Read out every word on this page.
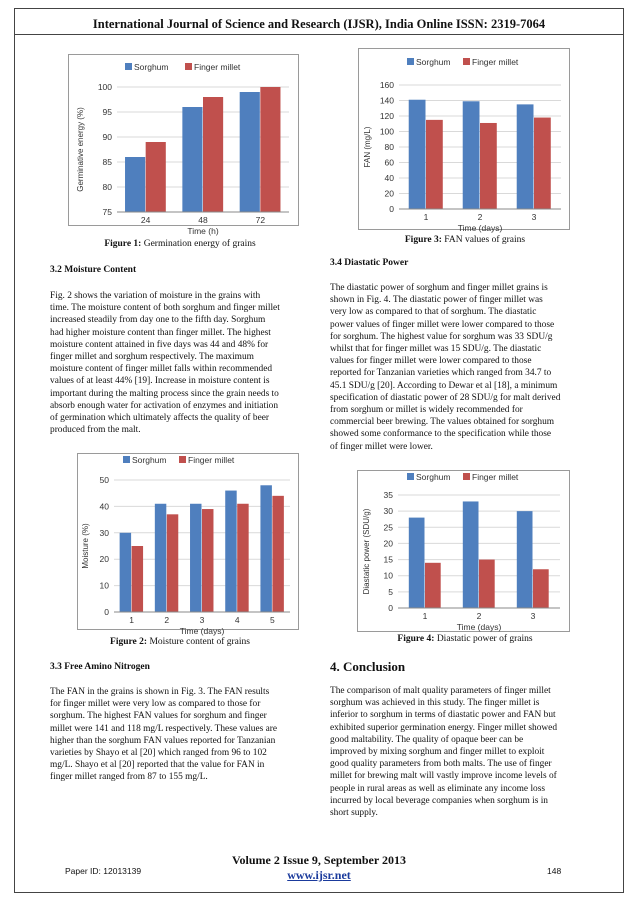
International Journal of Science and Research (IJSR), India Online ISSN: 2319-7064
Sorghum	Finger millet
75
80
85
90
95
100
24	48	72
Time (h)
Germinative energy (%)
Figure 1: Germination energy of grains
3.2 Moisture Content
Fig. 2 shows the variation of moisture in the grains with
time. The moisture content of both sorghum and finger millet
increased steadily from day one to the fifth day. Sorghum
had higher moisture content than finger millet. The highest
moisture content attained in five days was 44 and 48% for
finger millet and sorghum respectively. The maximum
moisture content of finger millet falls within recommended
values of at least 44% [19]. Increase in moisture content is
important during the malting process since the grain needs to
absorb enough water for activation of enzymes and initiation
of germination which ultimately affects the quality of beer
produced from the malt.
Sorghum	Finger millet
0
10
20
30
40
50
1	2	3	4	5
Time (days)
Moisture (%)
Figure 2: Moisture content of grains
3.3 Free Amino Nitrogen
The FAN in the grains is shown in Fig. 3. The FAN results
for finger millet were very low as compared to those for
sorghum. The highest FAN values for sorghum and finger
millet were 141 and 118 mg/L respectively. These values are
higher than the sorghum FAN values reported for Tanzanian
varieties by Shayo et al [20] which ranged from 96 to 102
mg/L. Shayo et al [20] reported that the value for FAN in
finger millet ranged from 87 to 155 mg/L.
Sorghum	Finger millet
0
20
40
60
80
100
120
140
160
1	2	3
Time (days)
FAN (mg/L)
Figure 3: FAN values of grains
3.4 Diastatic Power
The diastatic power of sorghum and finger millet grains is
shown in Fig. 4. The diastatic power of finger millet was
very low as compared to that of sorghum. The diastatic
power values of finger millet were lower compared to those
for sorghum. The highest value for sorghum was 33 SDU/g
whilst that for finger millet was 15 SDU/g. The diastatic
values for finger millet were lower compared to those
reported for Tanzanian varieties which ranged from 34.7 to
45.1 SDU/g [20]. According to Dewar et al [18], a minimum
specification of diastatic power of 28 SDU/g for malt derived
from sorghum or millet is widely recommended for
commercial beer brewing. The values obtained for sorghum
showed some conformance to the specification while those
of finger millet were lower.
Sorghum	Finger millet
0
5
10
15
20
25
30
35
1	2	3
Time (days)
Diastatic power (SDU/g)
Figure 4: Diastatic power of grains
4. Conclusion
The comparison of malt quality parameters of finger millet
sorghum was achieved in this study. The finger millet is
inferior to sorghum in terms of diastatic power and FAN but
exhibited superior germination energy. Finger millet showed
good maltability. The quality of opaque beer can be
improved by mixing sorghum and finger millet to exploit
good quality parameters from both malts. The use of finger
millet for brewing malt will vastly improve income levels of
people in rural areas as well as eliminate any income loss
incurred by local beverage companies when sorghum is in
short supply.
Volume 2 Issue 9, September 2013
www.ijsr.net
Paper ID: 12013139	148
